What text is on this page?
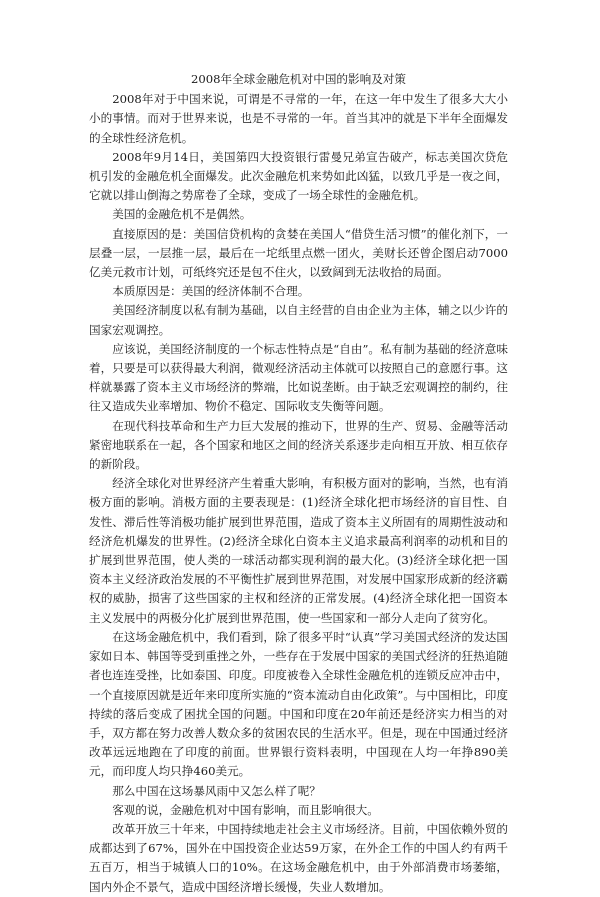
2008年全球金融危机对中国的影响及对策

2008年对于中国来说，可谓是不寻常的一年，在这一年中发生了很多大大小小的事情。而对于世界来说，也是不寻常的一年。首当其冲的就是下半年全面爆发的全球性经济危机。

2008年9月14日，美国第四大投资银行雷曼兄弟宣告破产，标志美国次贷危机引发的金融危机全面爆发。此次金融危机来势如此凶猛，以致几乎是一夜之间，它就以排山倒海之势席卷了全球，变成了一场全球性的金融危机。

美国的金融危机不是偶然。

直接原因的是：美国信贷机构的贪婪在美国人“借贷生活习惯”的催化剂下，一层叠一层，一层推一层，最后在一坨纸里点燃一团火，美财长还曾企图启动7000亿美元救市计划，可纸终究还是包不住火，以致阔到无法收拾的局面。

本质原因是：美国的经济体制不合理。

美国经济制度以私有制为基础，以自主经营的自由企业为主体，辅之以少许的国家宏观调控。

应该说，美国经济制度的一个标志性特点是“自由”。私有制为基础的经济意味着，只要是可以获得最大利润，微观经济活动主体就可以按照自己的意愿行事。这样就暴露了资本主义市场经济的弊端，比如说垄断。由于缺乏宏观调控的制约，往往又造成失业率增加、物价不稳定、国际收支失衡等问题。

在现代科技革命和生产力巨大发展的推动下，世界的生产、贸易、金融等活动紧密地联系在一起，各个国家和地区之间的经济关系逐步走向相互开放、相互依存的新阶段。

经济全球化对世界经济产生着重大影响，有积极方面对的影响，当然，也有消极方面的影响。消极方面的主要表现是：(1)经济全球化把市场经济的盲目性、自发性、滞后性等消极功能扩展到世界范围，造成了资本主义所固有的周期性波动和经济危机爆发的世界性。(2)经济全球化白资本主义追求最高利润率的动机和目的扩展到世界范围，使人类的一球活动都实现利润的最大化。(3)经济全球化把一国资本主义经济政治发展的不平衡性扩展到世界范围，对发展中国家形成新的经济霸权的威胁，损害了这些国家的主权和经济的正常发展。(4)经济全球化把一国资本主义发展中的两极分化扩展到世界范围，使一些国家和一部分人走向了贫穷化。

在这场金融危机中，我们看到，除了很多平时“认真”学习美国式经济的发达国家如日本、韩国等受到重挫之外，一些存在于发展中国家的美国式经济的狂热追随者也连连受挫，比如泰国、印度。印度被卷入全球性金融危机的连锁反应冲击中，一个直接原因就是近年来印度所实施的“资本流动自由化政策”。与中国相比，印度持续的落后变成了困扰全国的问题。中国和印度在20年前还是经济实力相当的对手，双方都在努力改善人数众多的贫困农民的生活水平。但是，现在中国通过经济改革远远地跑在了印度的前面。世界银行资料表明，中国现在人均一年挣890美元，而印度人均只挣460美元。

那么中国在这场暴风雨中又怎么样了呢？

客观的说，金融危机对中国有影响，而且影响很大。

改革开放三十年来，中国持续地走社会主义市场经济。目前，中国依赖外贸的成都达到了67%，国外在中国投资企业达59万家，在外企工作的中国人约有两千五百万，相当于城镇人口的10%。在这场金融危机中，由于外部消费市场萎缩，国内外企不景气，造成中国经济增长缓慢，失业人数增加。
